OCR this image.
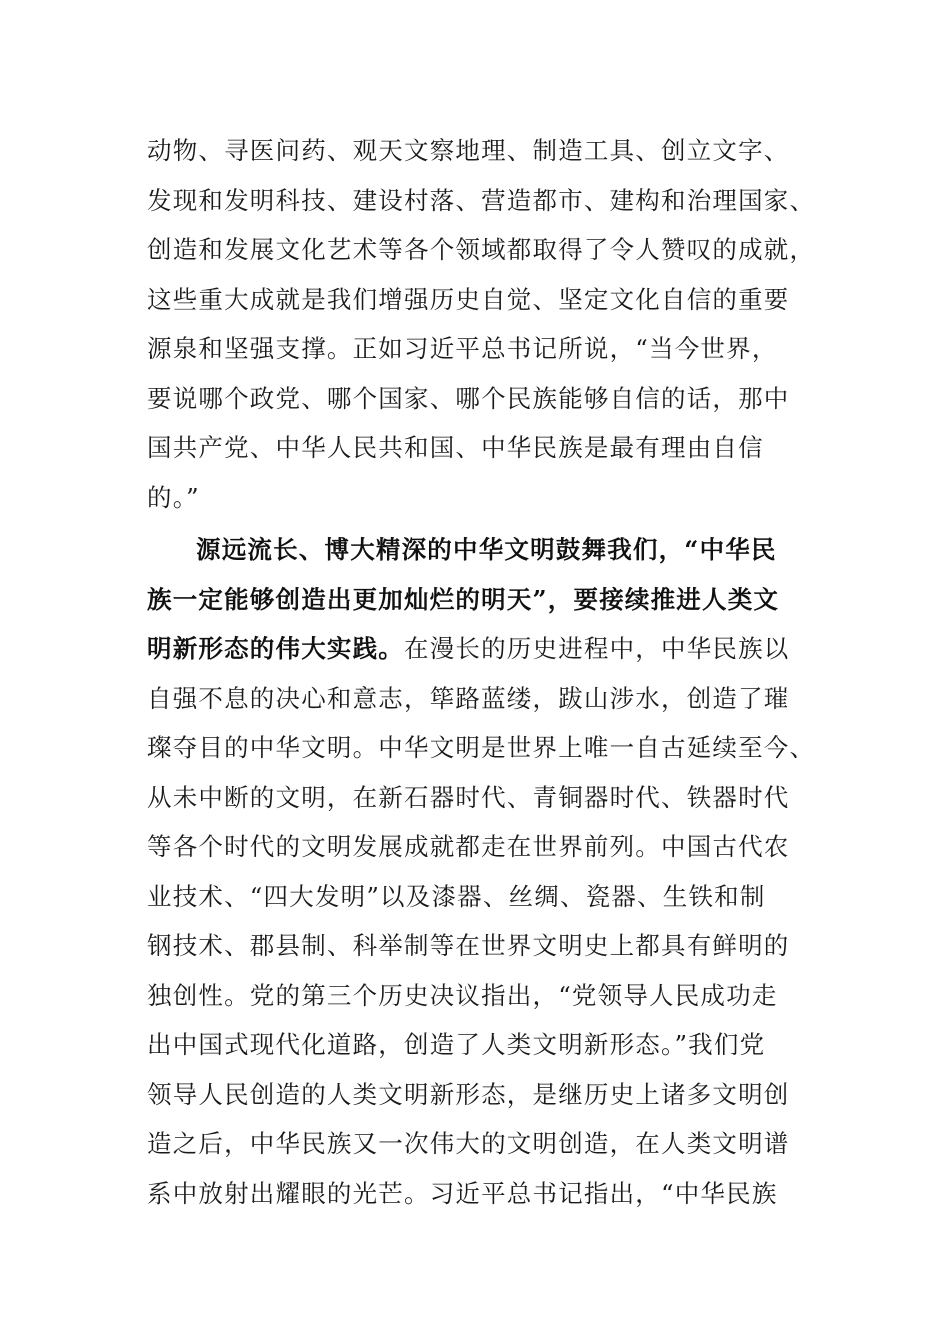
动物、寻医问药、观天文察地理、制造工具、创立文字、
发现和发明科技、建设村落、营造都市、建构和治理国家、
创造和发展文化艺术等各个领域都取得了令人赞叹的成就，
这些重大成就是我们增强历史自觉、坚定文化自信的重要
源泉和坚强支撑。正如习近平总书记所说，“当今世界，
要说哪个政党、哪个国家、哪个民族能够自信的话，那中
国共产党、中华人民共和国、中华民族是最有理由自信
的。”
源远流长、博大精深的中华文明鼓舞我们，“中华民
族一定能够创造出更加灿烂的明天”，要接续推进人类文
明新形态的伟大实践。在漫长的历史进程中，中华民族以
自强不息的决心和意志，筚路蓝缕，跋山涉水，创造了璀
璨夺目的中华文明。中华文明是世界上唯一自古延续至今、
从未中断的文明，在新石器时代、青铜器时代、铁器时代
等各个时代的文明发展成就都走在世界前列。中国古代农
业技术、“四大发明”以及漆器、丝绸、瓷器、生铁和制
钢技术、郡县制、科举制等在世界文明史上都具有鲜明的
独创性。党的第三个历史决议指出，“党领导人民成功走
出中国式现代化道路，创造了人类文明新形态。”我们党
领导人民创造的人类文明新形态，是继历史上诸多文明创
造之后，中华民族又一次伟大的文明创造，在人类文明谱
系中放射出耀眼的光芒。习近平总书记指出，“中华民族
